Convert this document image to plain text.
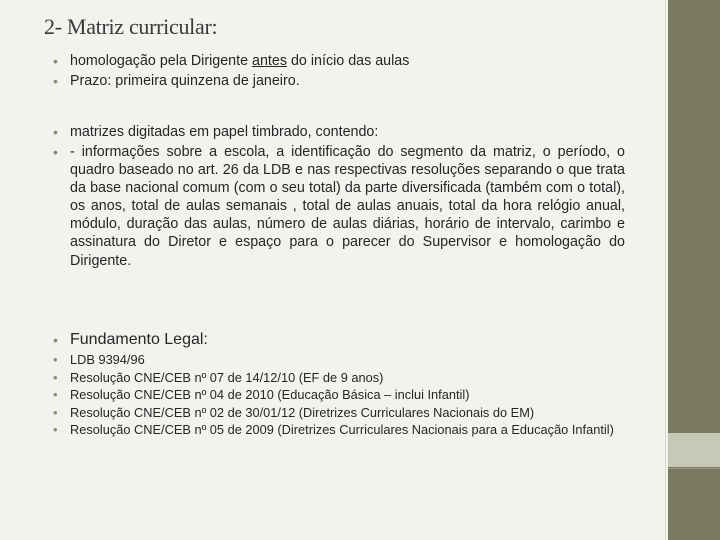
2- Matriz curricular:
• homologação pela Dirigente antes do início das aulas
• Prazo: primeira quinzena de janeiro.
• matrizes digitadas em papel timbrado, contendo:
• - informações sobre a escola, a identificação do segmento da matriz, o período, o quadro baseado no art. 26 da LDB e nas respectivas resoluções separando o que trata da base nacional comum (com o seu total) da parte diversificada (também com o total), os anos, total de aulas semanais , total de aulas anuais, total da hora relógio anual, módulo, duração das aulas, número de aulas diárias, horário de intervalo, carimbo e assinatura do Diretor e espaço para o parecer do Supervisor e homologação do Dirigente.
• Fundamento Legal:
• LDB 9394/96
• Resolução CNE/CEB nº 07 de 14/12/10 (EF de 9 anos)
• Resolução CNE/CEB nº 04 de 2010 (Educação Básica – inclui Infantil)
• Resolução CNE/CEB nº 02 de 30/01/12 (Diretrizes Curriculares Nacionais do EM)
• Resolução CNE/CEB nº 05 de 2009 (Diretrizes Curriculares Nacionais para a Educação Infantil)
